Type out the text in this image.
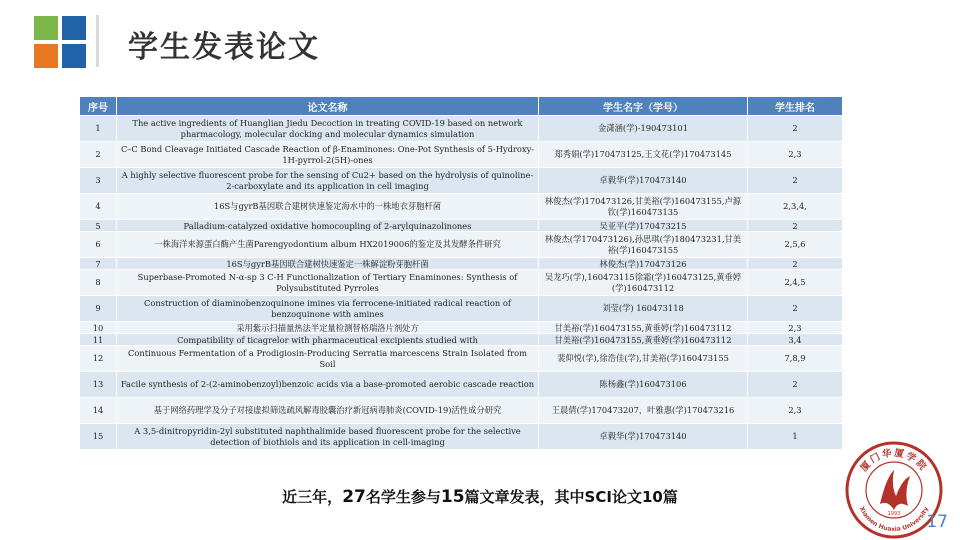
学生发表论文
序号	论文名称	学生名字（学号）	学生排名
1	The active ingredients of Huanglian Jiedu Decoction in treating COVID-19 based on network pharmacology, molecular docking and molecular dynamics simulation	金潇涵(学)-190473101	2
2	C–C Bond Cleavage Initiated Cascade Reaction of β-Enaminones: One-Pot Synthesis of 5-Hydroxy-1H-pyrrol-2(5H)-ones	郑秀娟(学)170473125,王文花(学)170473145	2,3
3	A highly selective fluorescent probe for the sensing of Cu2+ based on the hydrolysis of quinoline-2-carboxylate and its application in cell imaging	卓毅华(学)170473140	2
4	16S与gyrB基因联合建树快速鉴定海水中的一株地衣芽胞杆菌	林俊杰(学)170473126,甘美裕(学)160473155,卢源钦(学)160473135	2,3,4,
5	Palladium-catalyzed oxidative homocoupling of 2-arylquinazolinones	吴亚平(学)170473215	2
6	一株海洋来源蛋白酶产生菌Parengyodontium album HX2019006的鉴定及其发酵条件研究	林俊杰(学170473126),孙思琪(学)180473231,甘美裕(学)160473155	2,5,6
7	16S与gyrB基因联合建树快速鉴定一株解淀粉芽胞杆菌	林俊杰(学)170473126	2
8	Superbase-Promoted N-α-sp 3 C-H Functionalization of Tertiary Enaminones: Synthesis of Polysubstituted Pyrroles	吴龙巧(学),160473115徐霜(学)160473125,黄垂婷(学)160473112	2,4,5
9	Construction of diaminobenzoquinone imines via ferrocene-initiated radical reaction of benzoquinone with amines	刘莹(学) 160473118	2
10	采用紫示扫描量热法半定量检测替格瑞洛片剂处方	甘美裕(学)160473155,黄垂婷(学)160473112	2,3
11	Compatibility of ticagrelor with pharmaceutical excipients studied with	甘美裕(学)160473155,黄垂婷(学)160473112	3,4
12	Continuous Fermentation of a Prodigiosin-Producing Serratia marcescens Strain Isolated from Soil	裴仰悦(学),徐浩佳(学),甘美裕(学)160473155	7,8,9
13	Facile synthesis of 2-(2-aminobenzoyl)benzoic acids via a base-promoted aerobic cascade reaction	陈杨鑫(学)160473106	2
14	基于网络药理学及分子对接虚拟筛选疏风解毒胶囊治疗新冠病毒肺炎(COVID-19)活性成分研究	王晨倩(学)170473207，叶雅惠(学)170473216	2,3
15	A 3,5-dinitropyridin-2yl substituted naphthalimide based fluorescent probe for the selective detection of biothiols and its application in cell-imaging	卓毅华(学)170473140	1

近三年，27名学生参与15篇文章发表，其中SCI论文10篇

厦门华厦学院
Xiamen Huaxia University
1993 17
